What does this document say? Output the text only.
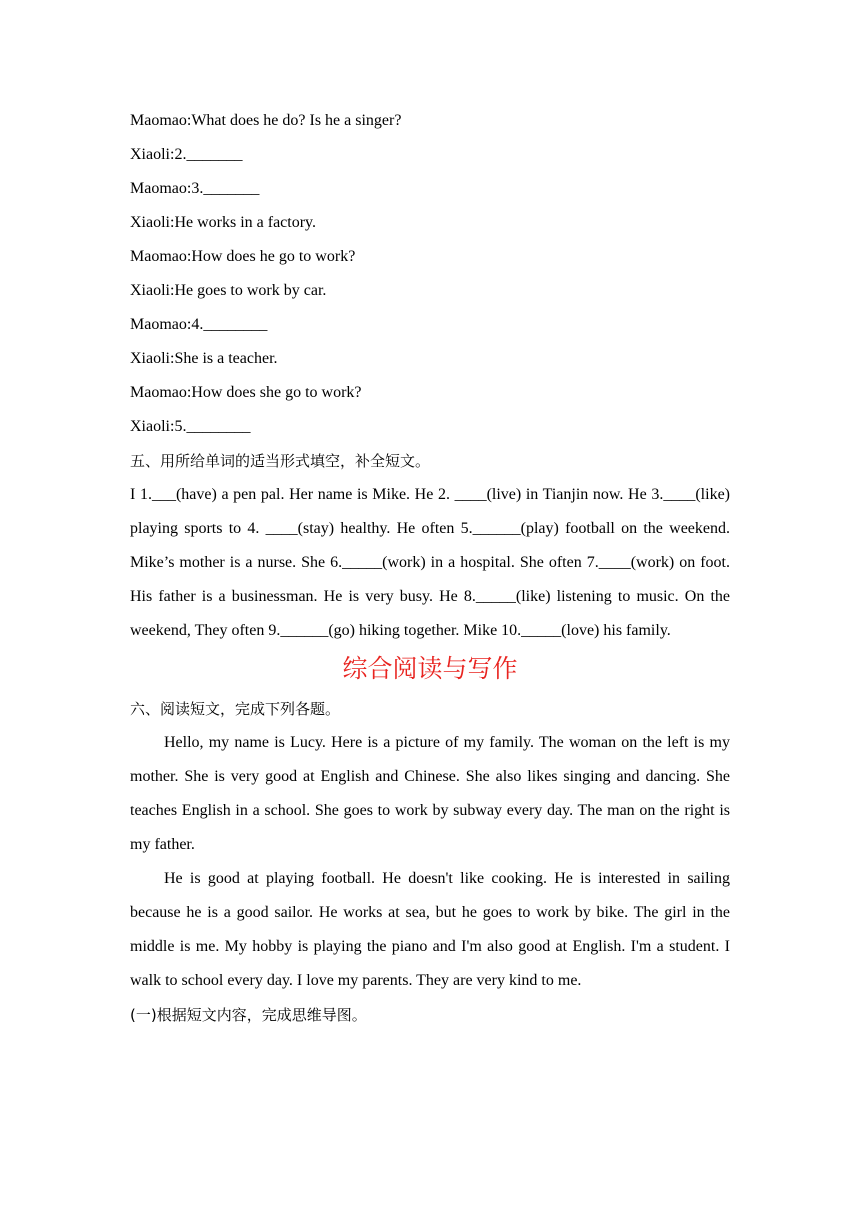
Maomao:What does he do? Is he a singer?
Xiaoli:2._______
Maomao:3._______
Xiaoli:He works in a factory.
Maomao:How does he go to work?
Xiaoli:He goes to work by car.
Maomao:4.________
Xiaoli:She is a teacher.
Maomao:How does she go to work?
Xiaoli:5.________
五、用所给单词的适当形式填空，补全短文。
I 1.___(have) a pen pal. Her name is Mike. He 2. ____(live) in Tianjin now. He 3.____(like) playing sports to 4. ____(stay) healthy. He often 5.______(play) football on the weekend. Mike’s mother is a nurse. She 6._____(work) in a hospital. She often 7.____(work) on foot. His father is a businessman. He is very busy. He 8._____(like) listening to music. On the weekend, They often 9.______(go) hiking together. Mike 10._____(love) his family.
综合阅读与写作
六、阅读短文，完成下列各题。
Hello, my name is Lucy. Here is a picture of my family. The woman on the left is my mother. She is very good at English and Chinese. She also likes singing and dancing. She teaches English in a school. She goes to work by subway every day. The man on the right is my father.
He is good at playing football. He doesn't like cooking. He is interested in sailing because he is a good sailor. He works at sea, but he goes to work by bike. The girl in the middle is me. My hobby is playing the piano and I'm also good at English. I'm a student. I walk to school every day. I love my parents. They are very kind to me.
(一)根据短文内容，完成思维导图。
